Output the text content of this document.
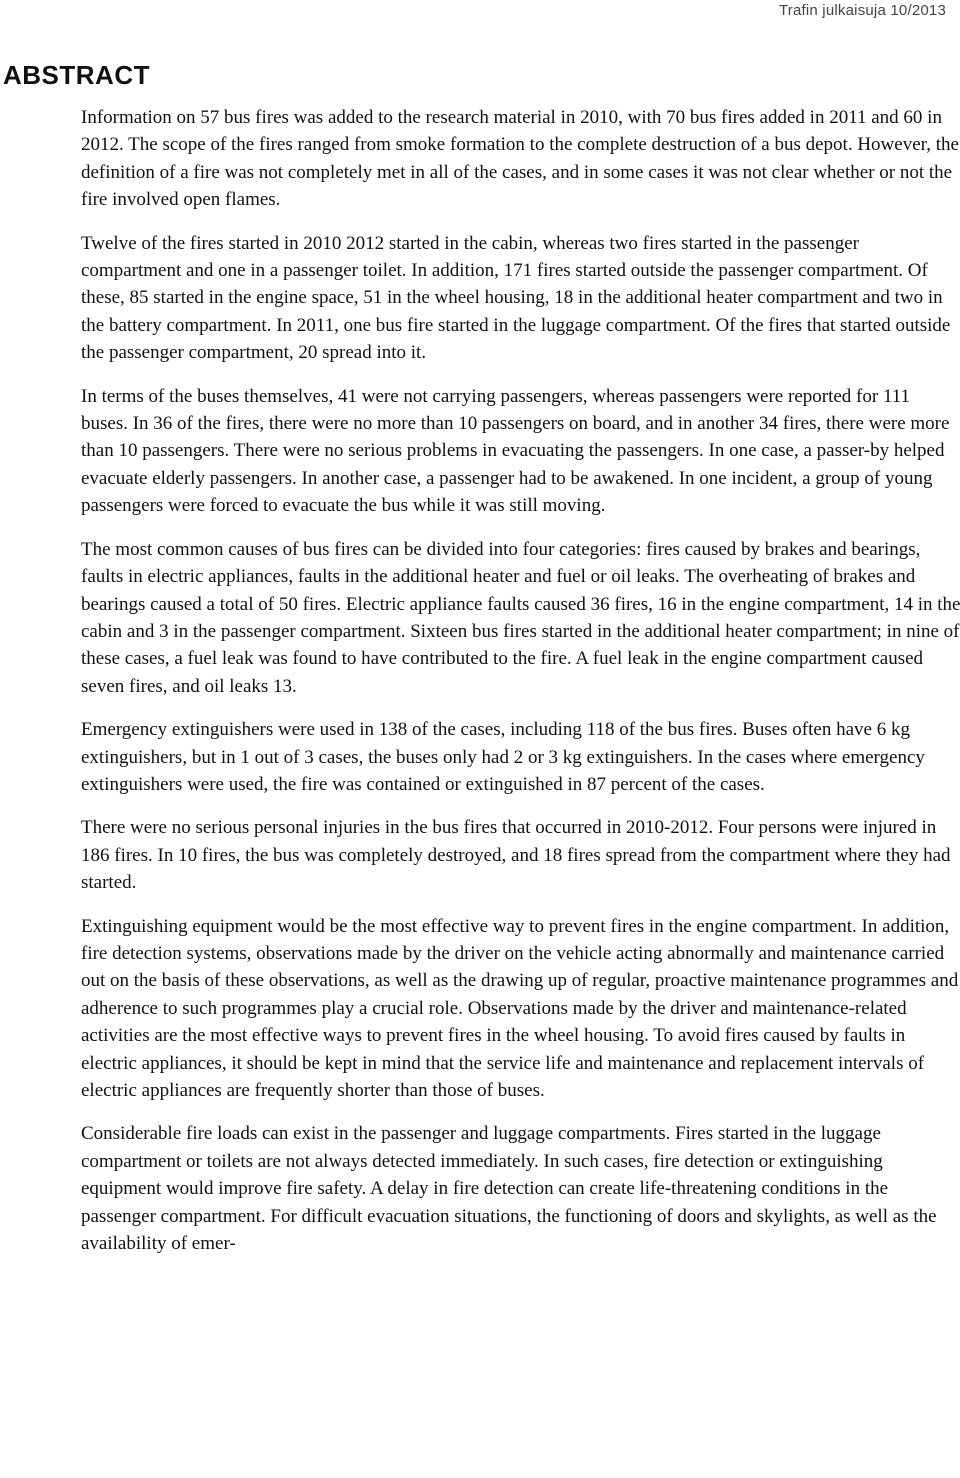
Trafin julkaisuja 10/2013
ABSTRACT

Information on 57 bus fires was added to the research material in 2010, with 70 bus fires added in 2011 and 60 in 2012. The scope of the fires ranged from smoke formation to the complete destruction of a bus depot. However, the definition of a fire was not completely met in all of the cases, and in some cases it was not clear whether or not the fire involved open flames.

Twelve of the fires started in 2010 2012 started in the cabin, whereas two fires started in the passenger compartment and one in a passenger toilet. In addition, 171 fires started outside the passenger compartment. Of these, 85 started in the engine space, 51 in the wheel housing, 18 in the additional heater compartment and two in the battery compartment. In 2011, one bus fire started in the luggage compartment. Of the fires that started outside the passenger compartment, 20 spread into it.

In terms of the buses themselves, 41 were not carrying passengers, whereas passengers were reported for 111 buses. In 36 of the fires, there were no more than 10 passengers on board, and in another 34 fires, there were more than 10 passengers. There were no serious problems in evacuating the passengers. In one case, a passer-by helped evacuate elderly passengers. In another case, a passenger had to be awakened. In one incident, a group of young passengers were forced to evacuate the bus while it was still moving.

The most common causes of bus fires can be divided into four categories: fires caused by brakes and bearings, faults in electric appliances, faults in the additional heater and fuel or oil leaks. The overheating of brakes and bearings caused a total of 50 fires. Electric appliance faults caused 36 fires, 16 in the engine compartment, 14 in the cabin and 3 in the passenger compartment. Sixteen bus fires started in the additional heater compartment; in nine of these cases, a fuel leak was found to have contributed to the fire. A fuel leak in the engine compartment caused seven fires, and oil leaks 13.

Emergency extinguishers were used in 138 of the cases, including 118 of the bus fires. Buses often have 6 kg extinguishers, but in 1 out of 3 cases, the buses only had 2 or 3 kg extinguishers. In the cases where emergency extinguishers were used, the fire was contained or extinguished in 87 percent of the cases.

There were no serious personal injuries in the bus fires that occurred in 2010-2012. Four persons were injured in 186 fires. In 10 fires, the bus was completely destroyed, and 18 fires spread from the compartment where they had started.

Extinguishing equipment would be the most effective way to prevent fires in the engine compartment. In addition, fire detection systems, observations made by the driver on the vehicle acting abnormally and maintenance carried out on the basis of these observations, as well as the drawing up of regular, proactive maintenance programmes and adherence to such programmes play a crucial role. Observations made by the driver and maintenance-related activities are the most effective ways to prevent fires in the wheel housing. To avoid fires caused by faults in electric appliances, it should be kept in mind that the service life and maintenance and replacement intervals of electric appliances are frequently shorter than those of buses.

Considerable fire loads can exist in the passenger and luggage compartments. Fires started in the luggage compartment or toilets are not always detected immediately. In such cases, fire detection or extinguishing equipment would improve fire safety. A delay in fire detection can create life-threatening conditions in the passenger compartment. For difficult evacuation situations, the functioning of doors and skylights, as well as the availability of emer-
